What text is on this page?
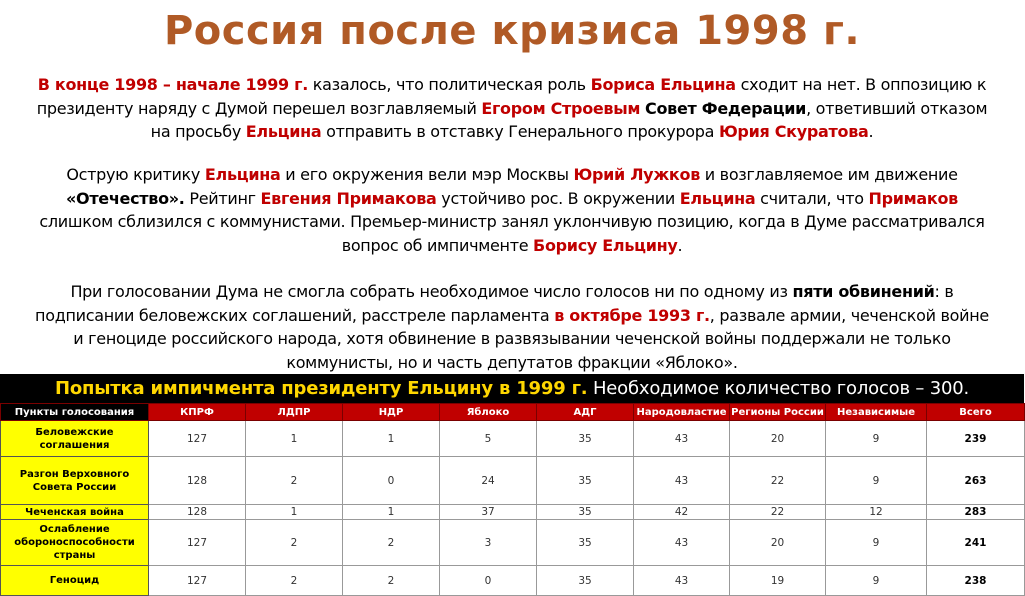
Россия после кризиса 1998 г.
В конце 1998 – начале 1999 г. казалось, что политическая роль Бориса Ельцина сходит на нет. В оппозицию к
президенту наряду с Думой перешел возглавляемый Егором Строевым Совет Федерации, ответивший отказом
на просьбу Ельцина отправить в отставку Генерального прокурора Юрия Скуратова.
Острую критику Ельцина и его окружения вели мэр Москвы Юрий Лужков и возглавляемое им движение
«Отечество». Рейтинг Евгения Примакова устойчиво рос. В окружении Ельцина считали, что Примаков
слишком сблизился с коммунистами. Премьер-министр занял уклончивую позицию, когда в Думе рассматривался
вопрос об импичменте Борису Ельцину.
При голосовании Дума не смогла собрать необходимое число голосов ни по одному из пяти обвинений: в
подписании беловежских соглашений, расстреле парламента в октябре 1993 г., развале армии, чеченской войне
и геноциде российского народа, хотя обвинение в развязывании чеченской войны поддержали не только
коммунисты, но и часть депутатов фракции «Яблоко».
Попытка импичмента президенту Ельцину в 1999 г. Необходимое количество голосов – 300.
Пункты голосования	КПРФ	ЛДПР	НДР	Яблоко	АДГ	Народовластие	Регионы России	Независимые	Всего
Беловежские соглашения	127	1	1	5	35	43	20	9	239
Разгон Верховного Совета России	128	2	0	24	35	43	22	9	263
Чеченская война	128	1	1	37	35	42	22	12	283
Ослабление обороноспособности страны	127	2	2	3	35	43	20	9	241
Геноцид	127	2	2	0	35	43	19	9	238
